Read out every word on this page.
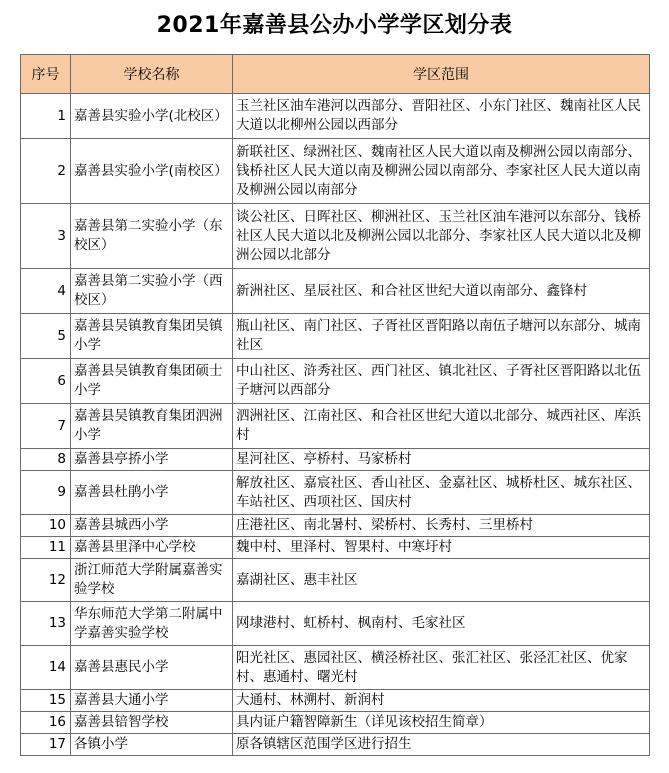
2021年嘉善县公办小学学区划分表
序号	学校名称	学区范围
1	嘉善县实验小学(北校区）	玉兰社区油车港河以西部分、晋阳社区、小东门社区、魏南社区人民大道以北柳州公园以西部分
2	嘉善县实验小学(南校区）	新联社区、绿洲社区、魏南社区人民大道以南及柳洲公园以南部分、钱桥社区人民大道以南及柳洲公园以南部分、李家社区人民大道以南及柳洲公园以南部分
3	嘉善县第二实验小学（东校区）	谈公社区、日晖社区、柳洲社区、玉兰社区油车港河以东部分、钱桥社区人民大道以北及柳洲公园以北部分、李家社区人民大道以北及柳洲公园以北部分
4	嘉善县第二实验小学（西校区）	新洲社区、星辰社区、和合社区世纪大道以南部分、鑫锋村
5	嘉善县吴镇教育集团吴镇小学	瓶山社区、南门社区、子胥社区晋阳路以南伍子塘河以东部分、城南社区
6	嘉善县吴镇教育集团硕士小学	中山社区、浒秀社区、西门社区、镇北社区、子胥社区晋阳路以北伍子塘河以西部分
7	嘉善县吴镇教育集团泗洲小学	泗洲社区、江南社区、和合社区世纪大道以北部分、城西社区、库浜村
8	嘉善县亭挢小学	星河社区、亭桥村、马家桥村
9	嘉善县杜鹃小学	解放社区、嘉宸社区、香山社区、金嘉社区、城桥杜区、城东社区、车站社区、西项社区、国庆村
10	嘉善县城西小学	庄港社区、南北暑村、梁桥村、长秀村、三里桥村
11	嘉善县里泽中心学校	魏中村、里泽村、智果村、中寒圩村
12	浙江师范大学附属嘉善实验学校	嘉湖社区、惠丰社区
13	华东师范大学第二附属中学嘉善实验学校	网埭港村、虹桥村、枫南村、毛家社区
14	嘉善县惠民小学	阳光社区、惠园社区、横泾桥社区、张汇社区、张泾汇社区、优家村、惠通村、曙光村
15	嘉善县大通小学	大通村、林溯村、新润村
16	嘉善县锫智学校	具内证户籍智障新生（详见该校招生简章）
17	各镇小学	原各镇辖区范围学区进行招生
